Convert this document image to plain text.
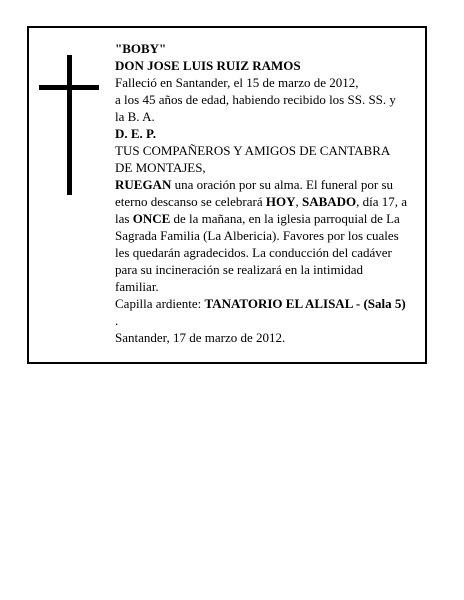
"BOBY"
DON JOSE LUIS RUIZ RAMOS
Falleció en Santander, el 15 de marzo de 2012,
a los 45 años de edad, habiendo recibido los SS. SS. y
la B. A.
D. E. P.
TUS COMPAÑEROS Y AMIGOS DE CANTABRA
DE MONTAJES,
RUEGAN una oración por su alma. El funeral por su
eterno descanso se celebrará HOY, SABADO, día 17, a
las ONCE de la mañana, en la iglesia parroquial de La
Sagrada Familia (La Albericia). Favores por los cuales
les quedarán agradecidos. La conducción del cadáver
para su incineración se realizará en la intimidad
familiar.
Capilla ardiente: TANATORIO EL ALISAL - (Sala 5)
.
Santander, 17 de marzo de 2012.
